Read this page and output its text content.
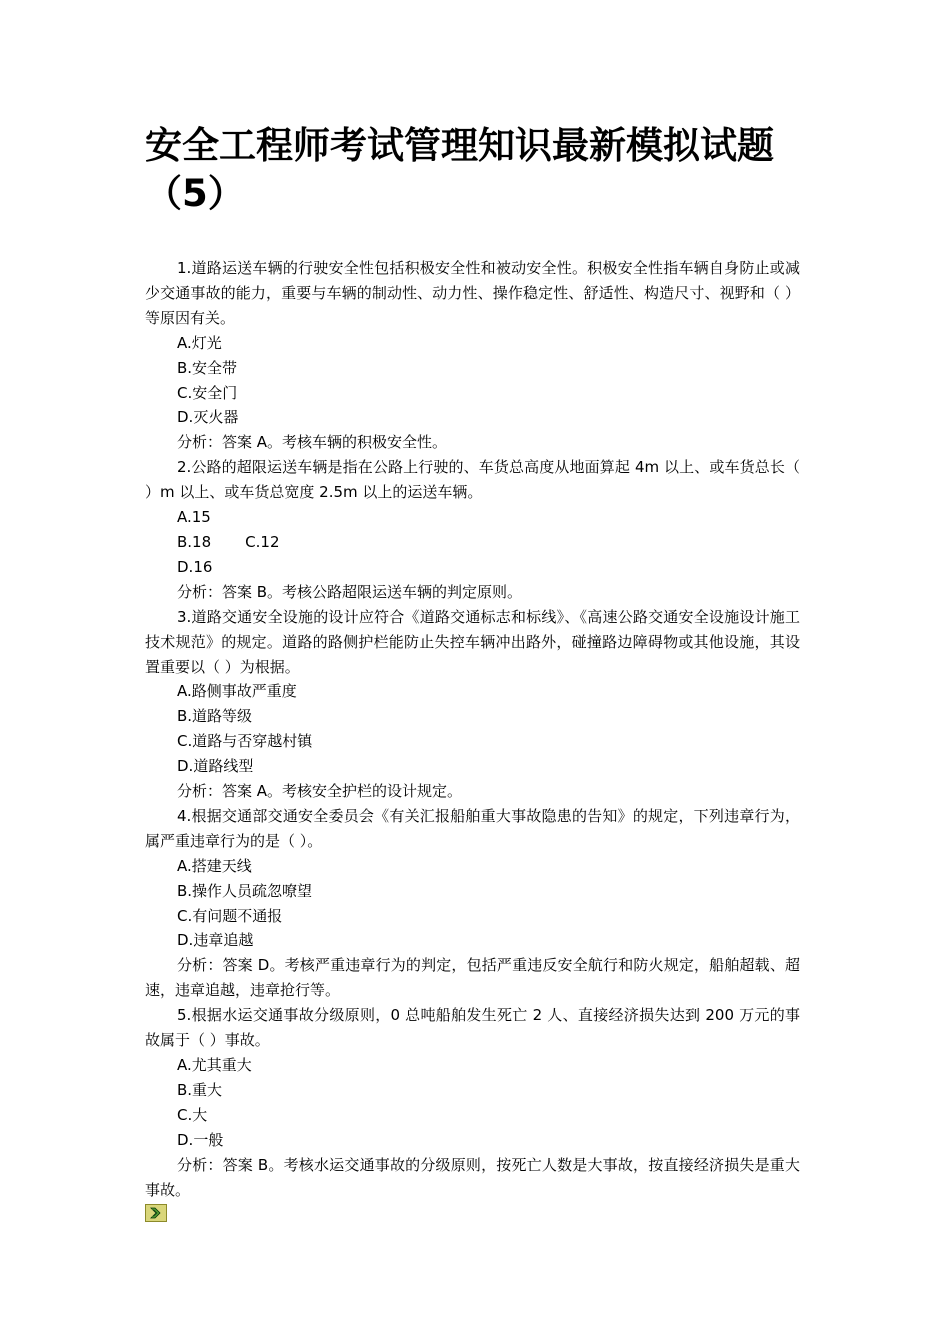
安全工程师考试管理知识最新模拟试题（5）

1.道路运送车辆的行驶安全性包括积极安全性和被动安全性。积极安全性指车辆自身防止或减少交通事故的能力，重要与车辆的制动性、动力性、操作稳定性、舒适性、构造尺寸、视野和（ ）等原因有关。

A.灯光

B.安全带

C.安全门

D.灭火器

分析：答案 A。考核车辆的积极安全性。

2.公路的超限运送车辆是指在公路上行驶的、车货总高度从地面算起 4m 以上、或车货总长（ ）m 以上、或车货总宽度 2.5m 以上的运送车辆。

A.15

B.18 C.12

D.16

分析：答案 B。考核公路超限运送车辆的判定原则。

3.道路交通安全设施的设计应符合《道路交通标志和标线》、《高速公路交通安全设施设计施工技术规范》的规定。道路的路侧护栏能防止失控车辆冲出路外，碰撞路边障碍物或其他设施，其设置重要以（ ）为根据。

A.路侧事故严重度

B.道路等级

C.道路与否穿越村镇

D.道路线型

分析：答案 A。考核安全护栏的设计规定。

4.根据交通部交通安全委员会《有关汇报船舶重大事故隐患的告知》的规定，下列违章行为，属严重违章行为的是（ ）。

A.搭建天线

B.操作人员疏忽嘹望

C.有问题不通报

D.违章追越

分析：答案 D。考核严重违章行为的判定，包括严重违反安全航行和防火规定，船舶超载、超速，违章追越，违章抢行等。

5.根据水运交通事故分级原则，0 总吨船舶发生死亡 2 人、直接经济损失达到 200 万元的事故属于（ ）事故。

A.尤其重大

B.重大

C.大

D.一般

分析：答案 B。考核水运交通事故的分级原则，按死亡人数是大事故，按直接经济损失是重大事故。
